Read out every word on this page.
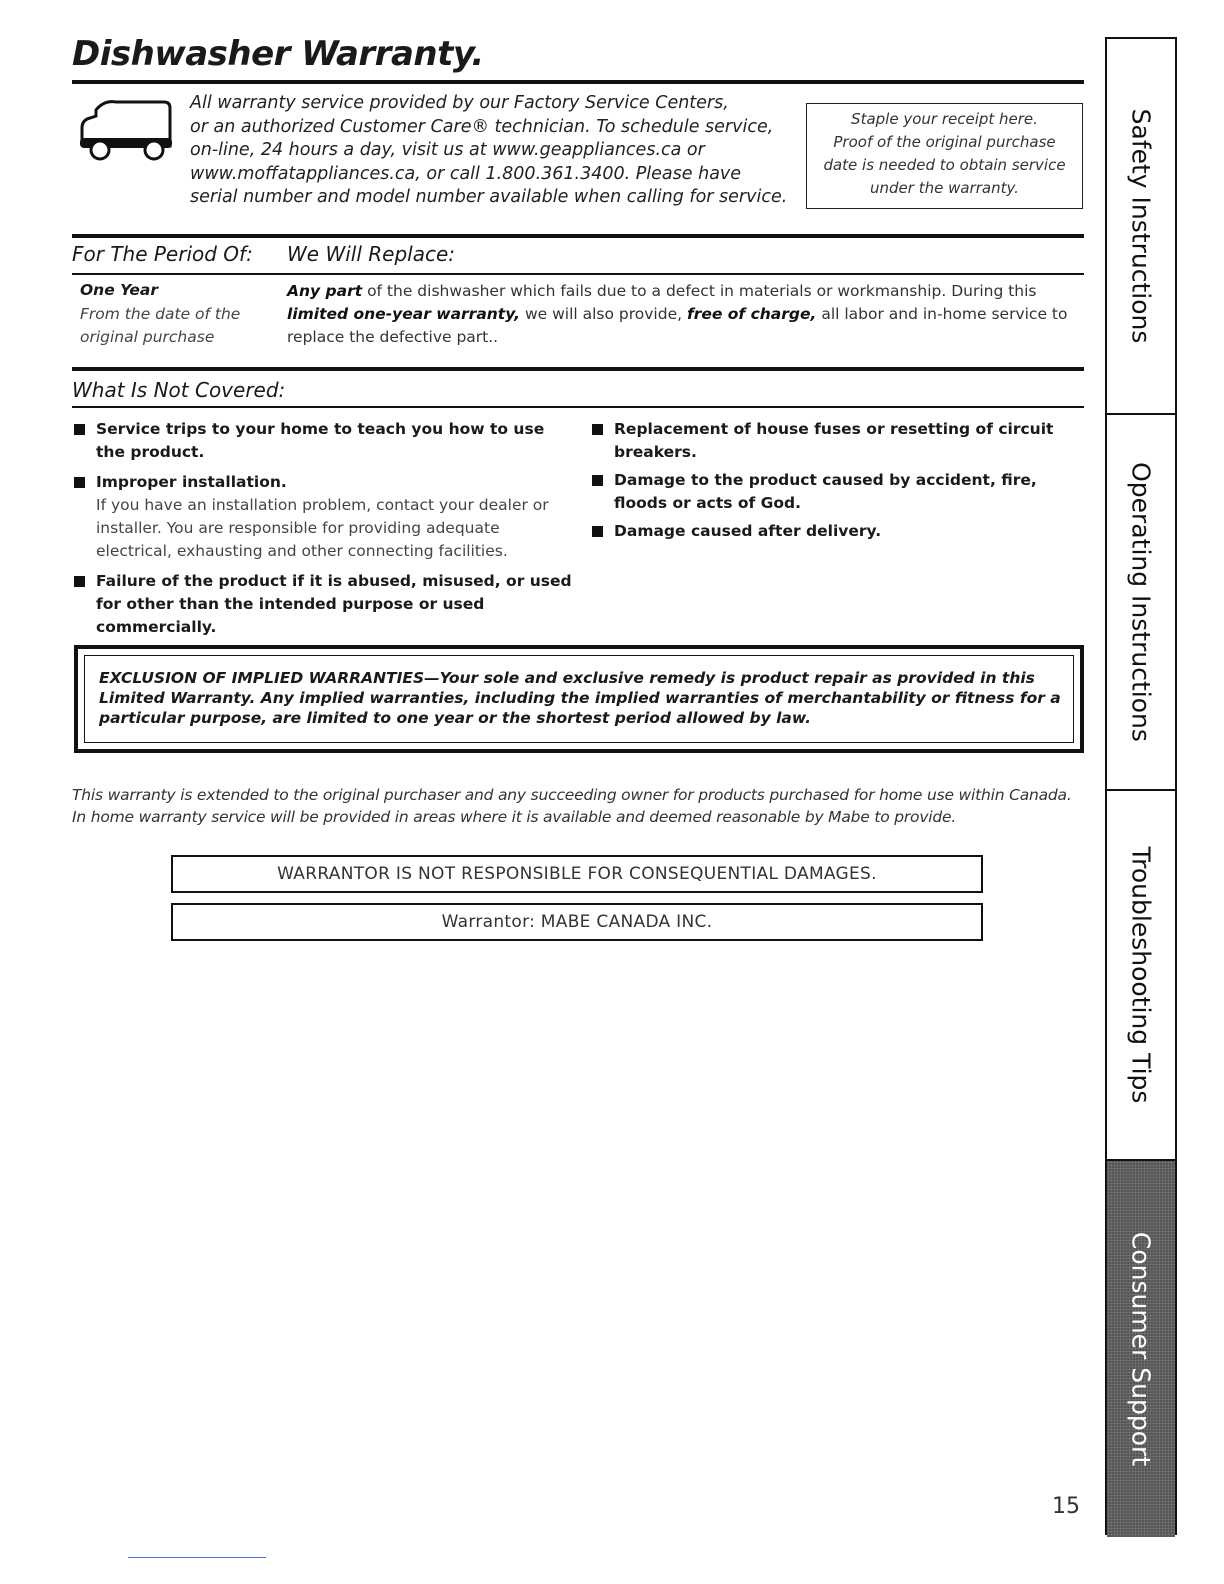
Dishwasher Warranty.
All warranty service provided by our Factory Service Centers,
or an authorized Customer Care® technician. To schedule service,
on-line, 24 hours a day, visit us at www.geappliances.ca or
www.moffatappliances.ca, or call 1.800.361.3400. Please have
serial number and model number available when calling for service.
Staple your receipt here.
Proof of the original purchase
date is needed to obtain service
under the warranty.
For The Period Of: We Will Replace:
One Year
From the date of the
original purchase
Any part of the dishwasher which fails due to a defect in materials or workmanship. During this limited one-year warranty, we will also provide, free of charge, all labor and in-home service to replace the defective part..
What Is Not Covered:
Service trips to your home to teach you how to use the product.
Improper installation.
If you have an installation problem, contact your dealer or installer. You are responsible for providing adequate electrical, exhausting and other connecting facilities.
Failure of the product if it is abused, misused, or used for other than the intended purpose or used commercially.
Replacement of house fuses or resetting of circuit breakers.
Damage to the product caused by accident, fire, floods or acts of God.
Damage caused after delivery.
EXCLUSION OF IMPLIED WARRANTIES—Your sole and exclusive remedy is product repair as provided in this Limited Warranty. Any implied warranties, including the implied warranties of merchantability or fitness for a particular purpose, are limited to one year or the shortest period allowed by law.
This warranty is extended to the original purchaser and any succeeding owner for products purchased for home use within Canada.
In home warranty service will be provided in areas where it is available and deemed reasonable by Mabe to provide.
WARRANTOR IS NOT RESPONSIBLE FOR CONSEQUENTIAL DAMAGES.
Warrantor: MABE CANADA INC.
15
Safety Instructions
Operating Instructions
Troubleshooting Tips
Consumer Support
